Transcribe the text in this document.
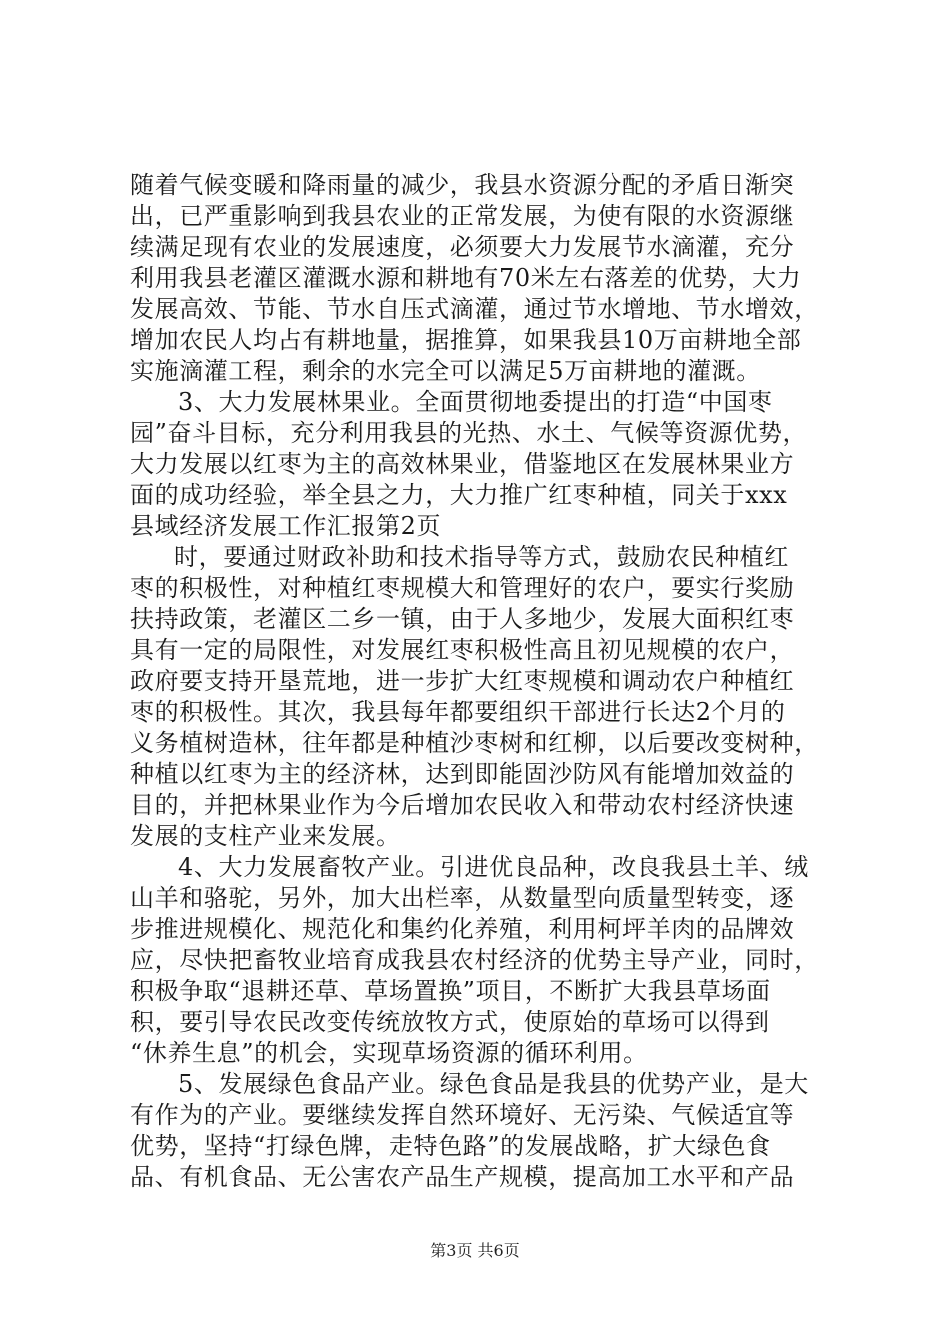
随着气候变暖和降雨量的减少，我县水资源分配的矛盾日渐突
出，已严重影响到我县农业的正常发展，为使有限的水资源继
续满足现有农业的发展速度，必须要大力发展节水滴灌，充分
利用我县老灌区灌溉水源和耕地有70米左右落差的优势，大力
发展高效、节能、节水自压式滴灌，通过节水增地、节水增效，
增加农民人均占有耕地量，据推算，如果我县10万亩耕地全部
实施滴灌工程，剩余的水完全可以满足5万亩耕地的灌溉。
3、大力发展林果业。全面贯彻地委提出的打造“中国枣
园”奋斗目标，充分利用我县的光热、水土、气候等资源优势，
大力发展以红枣为主的高效林果业，借鉴地区在发展林果业方
面的成功经验，举全县之力，大力推广红枣种植，同关于xxx
县域经济发展工作汇报第2页
时，要通过财政补助和技术指导等方式，鼓励农民种植红
枣的积极性，对种植红枣规模大和管理好的农户，要实行奖励
扶持政策，老灌区二乡一镇，由于人多地少，发展大面积红枣
具有一定的局限性，对发展红枣积极性高且初见规模的农户，
政府要支持开垦荒地，进一步扩大红枣规模和调动农户种植红
枣的积极性。其次，我县每年都要组织干部进行长达2个月的
义务植树造林，往年都是种植沙枣树和红柳，以后要改变树种，
种植以红枣为主的经济林，达到即能固沙防风有能增加效益的
目的，并把林果业作为今后增加农民收入和带动农村经济快速
发展的支柱产业来发展。
4、大力发展畜牧产业。引进优良品种，改良我县土羊、绒
山羊和骆驼，另外，加大出栏率，从数量型向质量型转变，逐
步推进规模化、规范化和集约化养殖，利用柯坪羊肉的品牌效
应，尽快把畜牧业培育成我县农村经济的优势主导产业，同时，
积极争取“退耕还草、草场置换”项目，不断扩大我县草场面
积，要引导农民改变传统放牧方式，使原始的草场可以得到
“休养生息”的机会，实现草场资源的循环利用。
5、发展绿色食品产业。绿色食品是我县的优势产业，是大
有作为的产业。要继续发挥自然环境好、无污染、气候适宜等
优势，坚持“打绿色牌，走特色路”的发展战略，扩大绿色食
品、有机食品、无公害农产品生产规模，提高加工水平和产品
第3页 共6页
